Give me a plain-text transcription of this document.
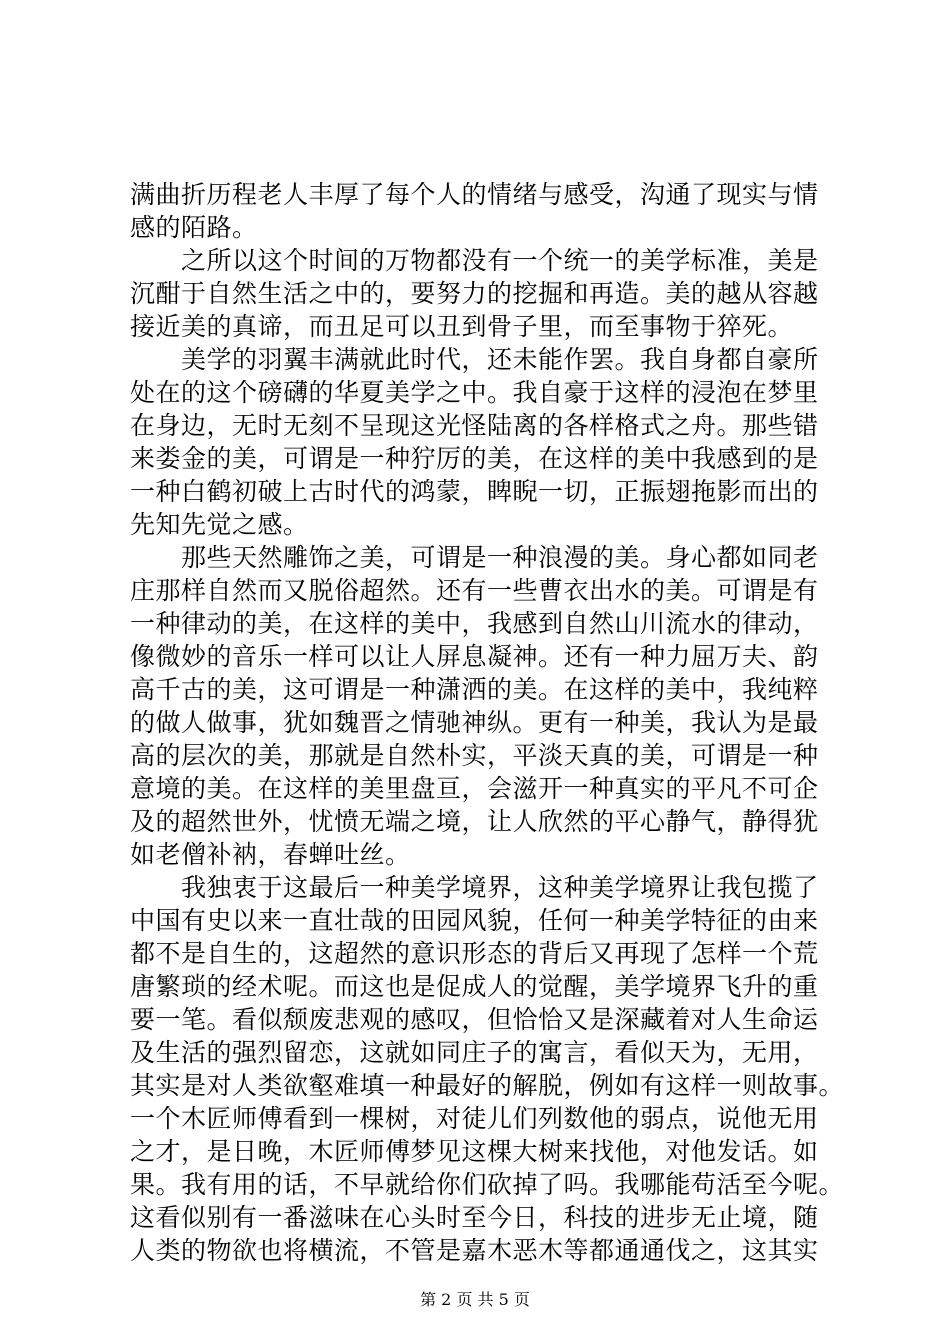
满曲折历程老人丰厚了每个人的情绪与感受，沟通了现实与情
感的陌路。
　　之所以这个时间的万物都没有一个统一的美学标准，美是
沉酣于自然生活之中的，要努力的挖掘和再造。美的越从容越
接近美的真谛，而丑足可以丑到骨子里，而至事物于猝死。
　　美学的羽翼丰满就此时代，还未能作罢。我自身都自豪所
处在的这个磅礴的华夏美学之中。我自豪于这样的浸泡在梦里
在身边，无时无刻不呈现这光怪陆离的各样格式之舟。那些错
来娄金的美，可谓是一种狞厉的美，在这样的美中我感到的是
一种白鹤初破上古时代的鸿蒙，睥睨一切，正振翅拖影而出的
先知先觉之感。
　　那些天然雕饰之美，可谓是一种浪漫的美。身心都如同老
庄那样自然而又脱俗超然。还有一些曹衣出水的美。可谓是有
一种律动的美，在这样的美中，我感到自然山川流水的律动，
像微妙的音乐一样可以让人屏息凝神。还有一种力屈万夫、韵
高千古的美，这可谓是一种潇洒的美。在这样的美中，我纯粹
的做人做事，犹如魏晋之情驰神纵。更有一种美，我认为是最
高的层次的美，那就是自然朴实，平淡天真的美，可谓是一种
意境的美。在这样的美里盘亘，会滋开一种真实的平凡不可企
及的超然世外，忧愤无端之境，让人欣然的平心静气，静得犹
如老僧补衲，春蝉吐丝。
　　我独衷于这最后一种美学境界，这种美学境界让我包揽了
中国有史以来一直壮哉的田园风貌，任何一种美学特征的由来
都不是自生的，这超然的意识形态的背后又再现了怎样一个荒
唐繁琐的经术呢。而这也是促成人的觉醒，美学境界飞升的重
要一笔。看似颓废悲观的感叹，但恰恰又是深藏着对人生命运
及生活的强烈留恋，这就如同庄子的寓言，看似天为，无用，
其实是对人类欲壑难填一种最好的解脱，例如有这样一则故事。
一个木匠师傅看到一棵树，对徒儿们列数他的弱点，说他无用
之才，是日晚，木匠师傅梦见这棵大树来找他，对他发话。如
果。我有用的话，不早就给你们砍掉了吗。我哪能苟活至今呢。
这看似别有一番滋味在心头时至今日，科技的进步无止境，随
人类的物欲也将横流，不管是嘉木恶木等都通通伐之，这其实
第 2 页 共 5 页
